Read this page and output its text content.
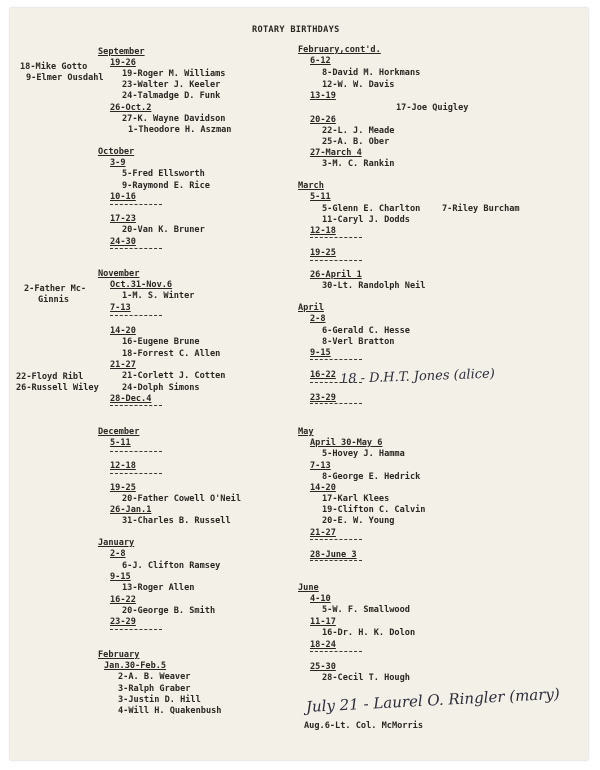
ROTARY BIRTHDAYS
18-Mike Gotto
9-Elmer Ousdahl
2-Father Mc-
Ginnis
22-Floyd Ribl
26-Russell Wiley
September
19-26
19-Roger M. Williams
23-Walter J. Keeler
24-Talmadge D. Funk
26-Oct.2
27-K. Wayne Davidson
1-Theodore H. Aszman
October
3-9
5-Fred Ellsworth
9-Raymond E. Rice
10-16
17-23
20-Van K. Bruner
24-30
November
Oct.31-Nov.6
1-M. S. Winter
7-13
14-20
16-Eugene Brune
18-Forrest C. Allen
21-27
21-Corlett J. Cotten
24-Dolph Simons
28-Dec.4
December
5-11
12-18
19-25
20-Father Cowell O'Neil
26-Jan.1
31-Charles B. Russell
January
2-8
6-J. Clifton Ramsey
9-15
13-Roger Allen
16-22
20-George B. Smith
23-29
February
Jan.30-Feb.5
2-A. B. Weaver
3-Ralph Graber
3-Justin D. Hill
4-Will H. Quakenbush
February,cont'd.
6-12
8-David M. Horkmans
12-W. W. Davis
13-19
17-Joe Quigley
20-26
22-L. J. Meade
25-A. B. Ober
27-March 4
3-M. C. Rankin
March
5-11
5-Glenn E. Charlton	7-Riley Burcham
11-Caryl J. Dodds
12-18
19-25
26-April 1
30-Lt. Randolph Neil
April
2-8
6-Gerald C. Hesse
8-Verl Bratton
9-15
16-22
23-29
May
April 30-May 6
5-Hovey J. Hamma
7-13
8-George E. Hedrick
14-20
17-Karl Klees
19-Clifton C. Calvin
20-E. W. Young
21-27
28-June 3
June
4-10
5-W. F. Smallwood
11-17
16-Dr. H. K. Dolon
18-24
25-30
28-Cecil T. Hough
Aug.6-Lt. Col. McMorris
18 - D.H.T. Jones (alice)
July 21 - Laurel O. Ringler (mary)
